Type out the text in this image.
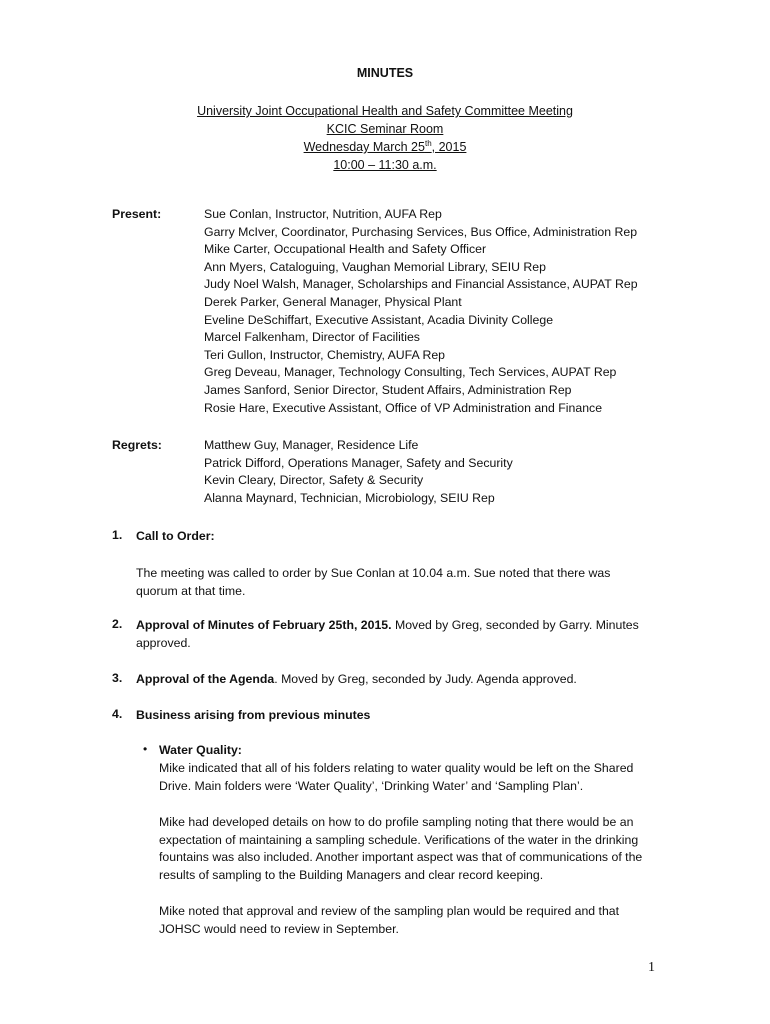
MINUTES
University Joint Occupational Health and Safety Committee Meeting
KCIC Seminar Room
Wednesday March 25th, 2015
10:00 – 11:30 a.m.
Present:	Sue Conlan, Instructor, Nutrition, AUFA Rep
Garry McIver, Coordinator, Purchasing Services, Bus Office, Administration Rep
Mike Carter, Occupational Health and Safety Officer
Ann Myers, Cataloguing, Vaughan Memorial Library, SEIU Rep
Judy Noel Walsh, Manager, Scholarships and Financial Assistance, AUPAT Rep
Derek Parker, General Manager, Physical Plant
Eveline DeSchiffart, Executive Assistant, Acadia Divinity College
Marcel Falkenham, Director of Facilities
Teri Gullon, Instructor, Chemistry, AUFA Rep
Greg Deveau, Manager, Technology Consulting, Tech Services, AUPAT Rep
James Sanford, Senior Director, Student Affairs, Administration Rep
Rosie Hare, Executive Assistant, Office of VP Administration and Finance
Regrets:	Matthew Guy, Manager, Residence Life
Patrick Difford, Operations Manager, Safety and Security
Kevin Cleary, Director, Safety & Security
Alanna Maynard, Technician, Microbiology, SEIU Rep
1. Call to Order:
The meeting was called to order by Sue Conlan at 10.04 a.m. Sue noted that there was
quorum at that time.
2. Approval of Minutes of February 25th, 2015. Moved by Greg, seconded by Garry. Minutes
approved.
3. Approval of the Agenda. Moved by Greg, seconded by Judy. Agenda approved.
4. Business arising from previous minutes
• Water Quality:
Mike indicated that all of his folders relating to water quality would be left on the Shared
Drive. Main folders were ‘Water Quality’, ‘Drinking Water’ and ‘Sampling Plan’.
Mike had developed details on how to do profile sampling noting that there would be an
expectation of maintaining a sampling schedule. Verifications of the water in the drinking
fountains was also included. Another important aspect was that of communications of the
results of sampling to the Building Managers and clear record keeping.
Mike noted that approval and review of the sampling plan would be required and that
JOHSC would need to review in September.
1
